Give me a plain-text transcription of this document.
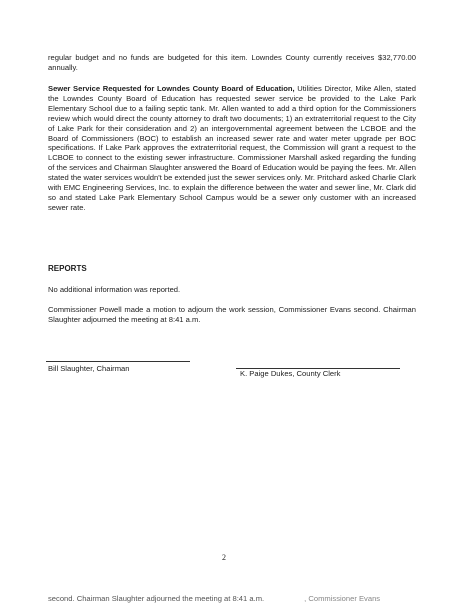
regular budget and no funds are budgeted for this item. Lowndes County currently receives $32,770.00 annually.

Sewer Service Requested for Lowndes County Board of Education, Utilities Director, Mike Allen, stated the Lowndes County Board of Education has requested sewer service be provided to the Lake Park Elementary School due to a failing septic tank. Mr. Allen wanted to add a third option for the Commissioners review which would direct the county attorney to draft two documents; 1) an extraterritorial request to the City of Lake Park for their consideration and 2) an intergovernmental agreement between the LCBOE and the Board of Commissioners (BOC) to establish an increased sewer rate and water meter upgrade per BOC specifications. If Lake Park approves the extraterritorial request, the Commission will grant a request to the LCBOE to connect to the existing sewer infrastructure. Commissioner Marshall asked regarding the funding of the services and Chairman Slaughter answered the Board of Education would be paying the fees. Mr. Allen stated the water services wouldn't be extended just the sewer services only. Mr. Pritchard asked Charlie Clark with EMC Engineering Services, Inc. to explain the difference between the water and sewer line, Mr. Clark did so and stated Lake Park Elementary School Campus would be a sewer only customer with an increased sewer rate.

REPORTS

No additional information was reported.

Commissioner Powell made a motion to adjourn the work session, Commissioner Evans second. Chairman Slaughter adjourned the meeting at 8:41 a.m.

Bill Slaughter, Chairman

K. Paige Dukes, County Clerk

2

second. Chairman Slaughter adjourned the meeting at 8:41 a.m.	, Commissioner Evans
